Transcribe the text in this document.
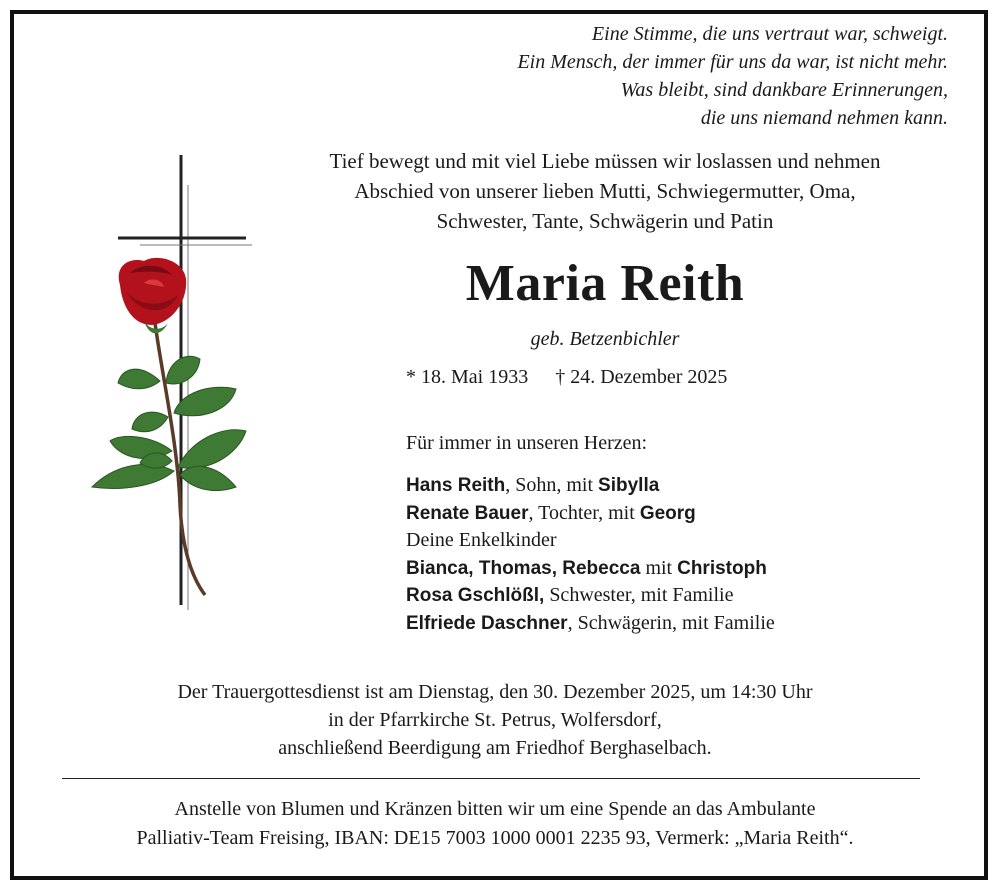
Eine Stimme, die uns vertraut war, schweigt.
Ein Mensch, der immer für uns da war, ist nicht mehr.
Was bleibt, sind dankbare Erinnerungen,
die uns niemand nehmen kann.
Tief bewegt und mit viel Liebe müssen wir loslassen und nehmen
Abschied von unserer lieben Mutti, Schwiegermutter, Oma,
Schwester, Tante, Schwägerin und Patin
Maria Reith
geb. Betzenbichler
* 18. Mai 1933 † 24. Dezember 2025
Für immer in unseren Herzen:
Hans Reith, Sohn, mit Sibylla
Renate Bauer, Tochter, mit Georg
Deine Enkelkinder
Bianca, Thomas, Rebecca mit Christoph
Rosa Gschlößl, Schwester, mit Familie
Elfriede Daschner, Schwägerin, mit Familie
Der Trauergottesdienst ist am Dienstag, den 30. Dezember 2025, um 14:30 Uhr
in der Pfarrkirche St. Petrus, Wolfersdorf,
anschließend Beerdigung am Friedhof Berghaselbach.
Anstelle von Blumen und Kränzen bitten wir um eine Spende an das Ambulante
Palliativ-Team Freising, IBAN: DE15 7003 1000 0001 2235 93, Vermerk: „Maria Reith“.
